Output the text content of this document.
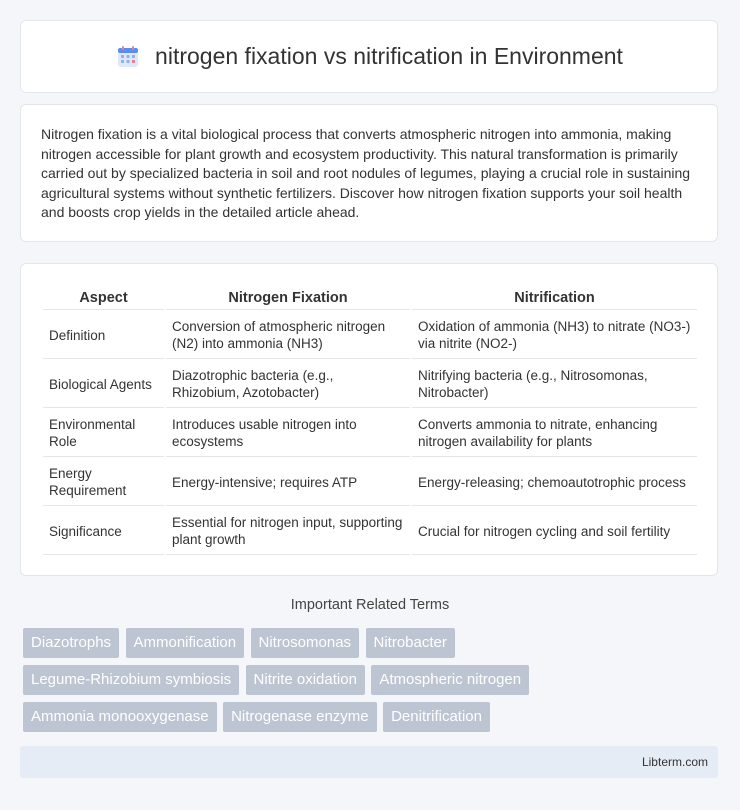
nitrogen fixation vs nitrification in Environment

Nitrogen fixation is a vital biological process that converts atmospheric nitrogen into ammonia, making nitrogen accessible for plant growth and ecosystem productivity. This natural transformation is primarily carried out by specialized bacteria in soil and root nodules of legumes, playing a crucial role in sustaining agricultural systems without synthetic fertilizers. Discover how nitrogen fixation supports your soil health and boosts crop yields in the detailed article ahead.

Aspect	Nitrogen Fixation	Nitrification
Definition	Conversion of atmospheric nitrogen (N2) into ammonia (NH3)	Oxidation of ammonia (NH3) to nitrate (NO3-) via nitrite (NO2-)
Biological Agents	Diazotrophic bacteria (e.g., Rhizobium, Azotobacter)	Nitrifying bacteria (e.g., Nitrosomonas, Nitrobacter)
Environmental Role	Introduces usable nitrogen into ecosystems	Converts ammonia to nitrate, enhancing nitrogen availability for plants
Energy Requirement	Energy-intensive; requires ATP	Energy-releasing; chemoautotrophic process
Significance	Essential for nitrogen input, supporting plant growth	Crucial for nitrogen cycling and soil fertility
Important Related Terms
Diazotrophs Ammonification Nitrosomonas Nitrobacter
Legume-Rhizobium symbiosis Nitrite oxidation Atmospheric nitrogen
Ammonia monooxygenase Nitrogenase enzyme Denitrification
Libterm.com
